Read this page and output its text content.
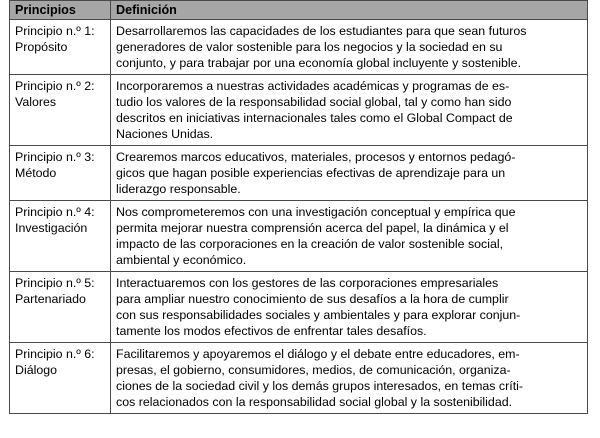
Principios	Definición

Principio n.º 1:
Propósito	Desarrollaremos las capacidades de los estudiantes para que sean futuros
generadores de valor sostenible para los negocios y la sociedad en su
conjunto, y para trabajar por una economía global incluyente y sostenible.

Principio n.º 2:
Valores	Incorporaremos a nuestras actividades académicas y programas de es-
tudio los valores de la responsabilidad social global, tal y como han sido
descritos en iniciativas internacionales tales como el Global Compact de
Naciones Unidas.

Principio n.º 3:
Método	Crearemos marcos educativos, materiales, procesos y entornos pedagó-
gicos que hagan posible experiencias efectivas de aprendizaje para un
liderazgo responsable.

Principio n.º 4:
Investigación	Nos comprometeremos con una investigación conceptual y empírica que
permita mejorar nuestra comprensión acerca del papel, la dinámica y el
impacto de las corporaciones en la creación de valor sostenible social,
ambiental y económico.

Principio n.º 5:
Partenariado	Interactuaremos con los gestores de las corporaciones empresariales
para ampliar nuestro conocimiento de sus desafíos a la hora de cumplir
con sus responsabilidades sociales y ambientales y para explorar conjun-
tamente los modos efectivos de enfrentar tales desafíos.

Principio n.º 6:
Diálogo	Facilitaremos y apoyaremos el diálogo y el debate entre educadores, em-
presas, el gobierno, consumidores, medios, de comunicación, organiza-
ciones de la sociedad civil y los demás grupos interesados, en temas críti-
cos relacionados con la responsabilidad social global y la sostenibilidad.
